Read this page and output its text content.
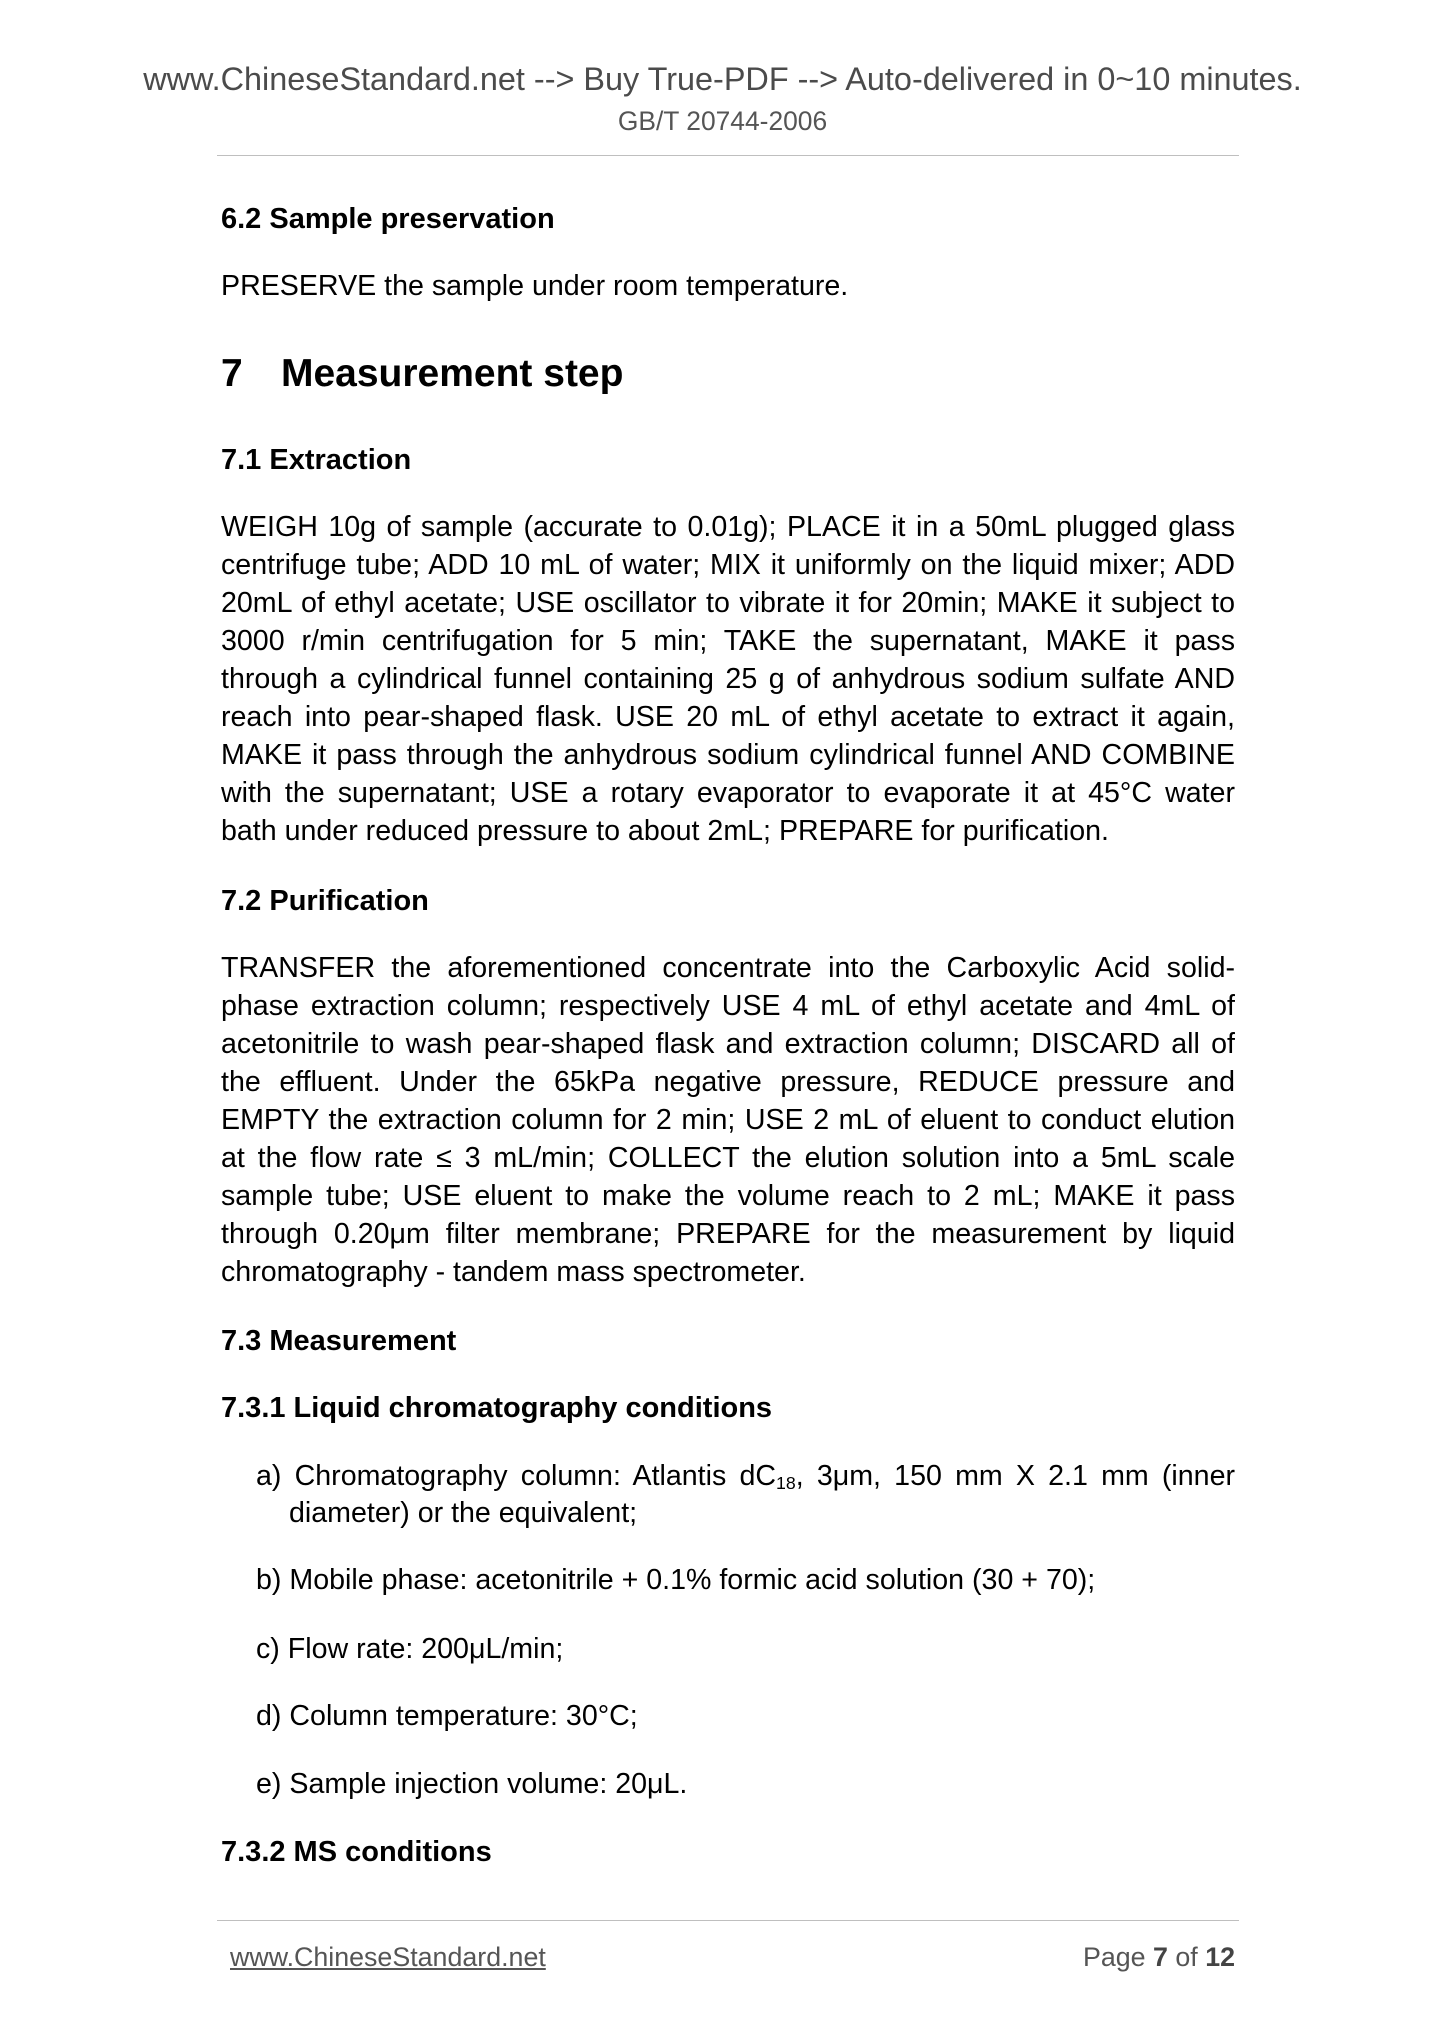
www.ChineseStandard.net --> Buy True-PDF --> Auto-delivered in 0~10 minutes.
GB/T 20744-2006
6.2 Sample preservation
PRESERVE the sample under room temperature.
7 Measurement step
7.1 Extraction
WEIGH 10g of sample (accurate to 0.01g); PLACE it in a 50mL plugged glass
centrifuge tube; ADD 10 mL of water; MIX it uniformly on the liquid mixer; ADD
20mL of ethyl acetate; USE oscillator to vibrate it for 20min; MAKE it subject to
3000 r/min centrifugation for 5 min; TAKE the supernatant, MAKE it pass
through a cylindrical funnel containing 25 g of anhydrous sodium sulfate AND
reach into pear-shaped flask. USE 20 mL of ethyl acetate to extract it again,
MAKE it pass through the anhydrous sodium cylindrical funnel AND COMBINE
with the supernatant; USE a rotary evaporator to evaporate it at 45°C water
bath under reduced pressure to about 2mL; PREPARE for purification.
7.2 Purification
TRANSFER the aforementioned concentrate into the Carboxylic Acid solid-
phase extraction column; respectively USE 4 mL of ethyl acetate and 4mL of
acetonitrile to wash pear-shaped flask and extraction column; DISCARD all of
the effluent. Under the 65kPa negative pressure, REDUCE pressure and
EMPTY the extraction column for 2 min; USE 2 mL of eluent to conduct elution
at the flow rate ≤ 3 mL/min; COLLECT the elution solution into a 5mL scale
sample tube; USE eluent to make the volume reach to 2 mL; MAKE it pass
through 0.20μm filter membrane; PREPARE for the measurement by liquid
chromatography - tandem mass spectrometer.
7.3 Measurement
7.3.1 Liquid chromatography conditions
a) Chromatography column: Atlantis $dC_{18}$, 3μm, 150 mm X 2.1 mm (inner
diameter) or the equivalent;
b) Mobile phase: acetonitrile + 0.1% formic acid solution (30 + 70);
c) Flow rate: 200μL/min;
d) Column temperature: 30°C;
e) Sample injection volume: 20μL.
7.3.2 MS conditions
www.ChineseStandard.net	Page 7 of 12
